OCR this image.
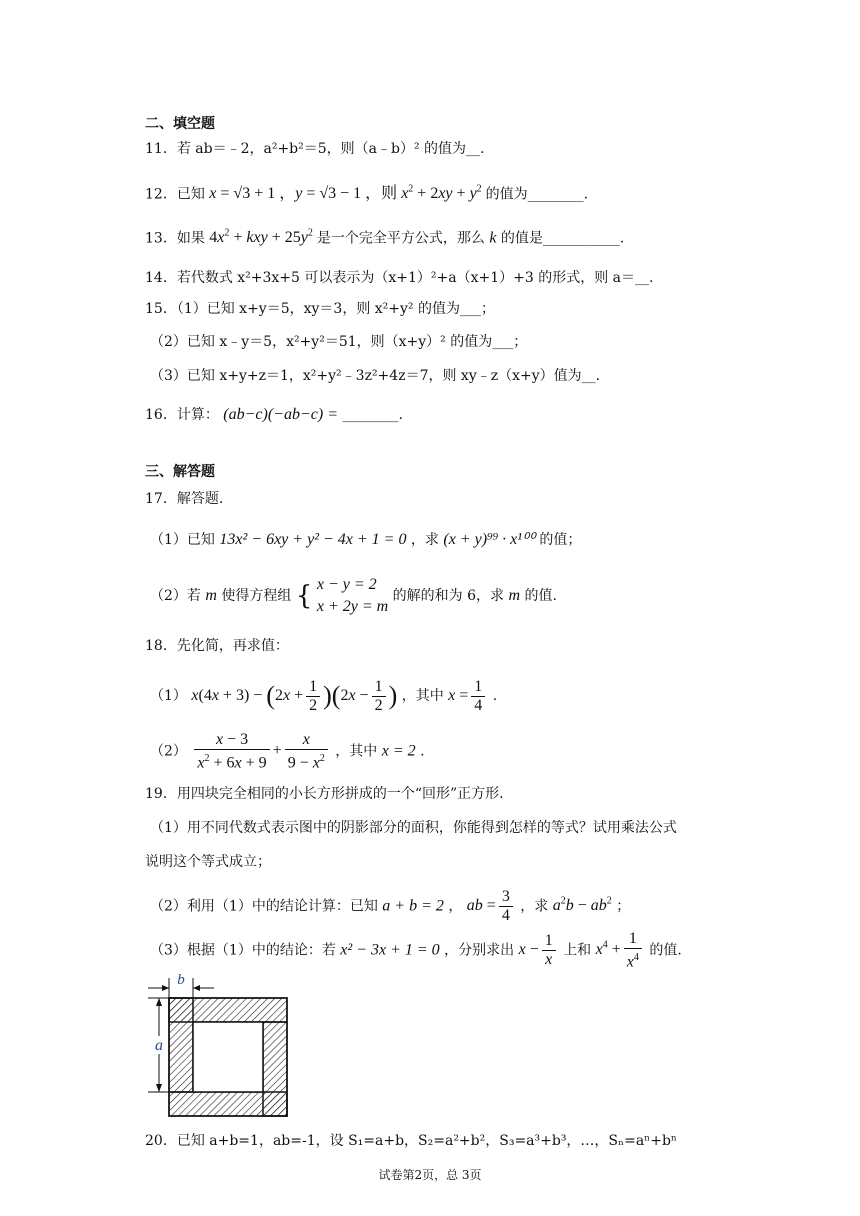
二、填空题
11．若 ab＝﹣2，a²+b²＝5，则（a﹣b）² 的值为__.
12．已知 x = √3 + 1 ，y = √3 − 1 ，则 $x^2 + 2xy + y^2$ 的值为________.
13．如果 $4x^2$ + kxy + $25y^2$ 是一个完全平方公式，那么 k 的值是___________.
14．若代数式 x²+3x+5 可以表示为（x+1）²+a（x+1）+3 的形式，则 a＝__.
15．（1）已知 x+y＝5，xy＝3，则 x²+y² 的值为___；
（2）已知 x﹣y＝5，x²+y²＝51，则（x+y）² 的值为___；
（3）已知 x+y+z＝1，x²+y²﹣3z²+4z＝7，则 xy﹣z（x+y）值为__.
16．计算： (ab−c)(−ab−c) = ________.
三、解答题
17．解答题.
（1）已知 13x² − 6xy + y² − 4x + 1 = 0 ，求 (x + y)⁹⁹ · x¹⁰⁰ 的值；
（2）若 m 使得方程组 { x − y = 2
x + 2y = m
的解的和为 6，求 m 的值.
18．先化简，再求值：
（1） $x(4x + 3) - (2x + \frac{1}{2} )(2x - \frac{1}{2}$ ) ，其中 $x = \frac{1}{4}$ .
$(2) \frac{x - 3}{x^2 + 6x + 9} + \frac{x}{9 - x^2}$ ，其中 x = 2 .
19．用四块完全相同的小长方形拼成的一个“回形”正方形.
（1）用不同代数式表示图中的阴影部分的面积，你能得到怎样的等式？试用乘法公式
说明这个等式成立；
（2）利用（1）中的结论计算：已知 a + b = 2 ， ab = $\frac{3}{4}$ ，求 $a^2b - ab^2$ ；
（3）根据（1）中的结论：若 x² − 3x + 1 = 0 ，分别求出 $x - \frac{1}{x}$ 上和 $x^4 + \frac{1}{x^4}$ 的值.
b
a
20．已知 a+b=1，ab=-1，设 S₁=a+b，S₂=a²+b²，S₃=a³+b³，…，Sₙ=aⁿ+bⁿ
试卷第2页，总 3页
